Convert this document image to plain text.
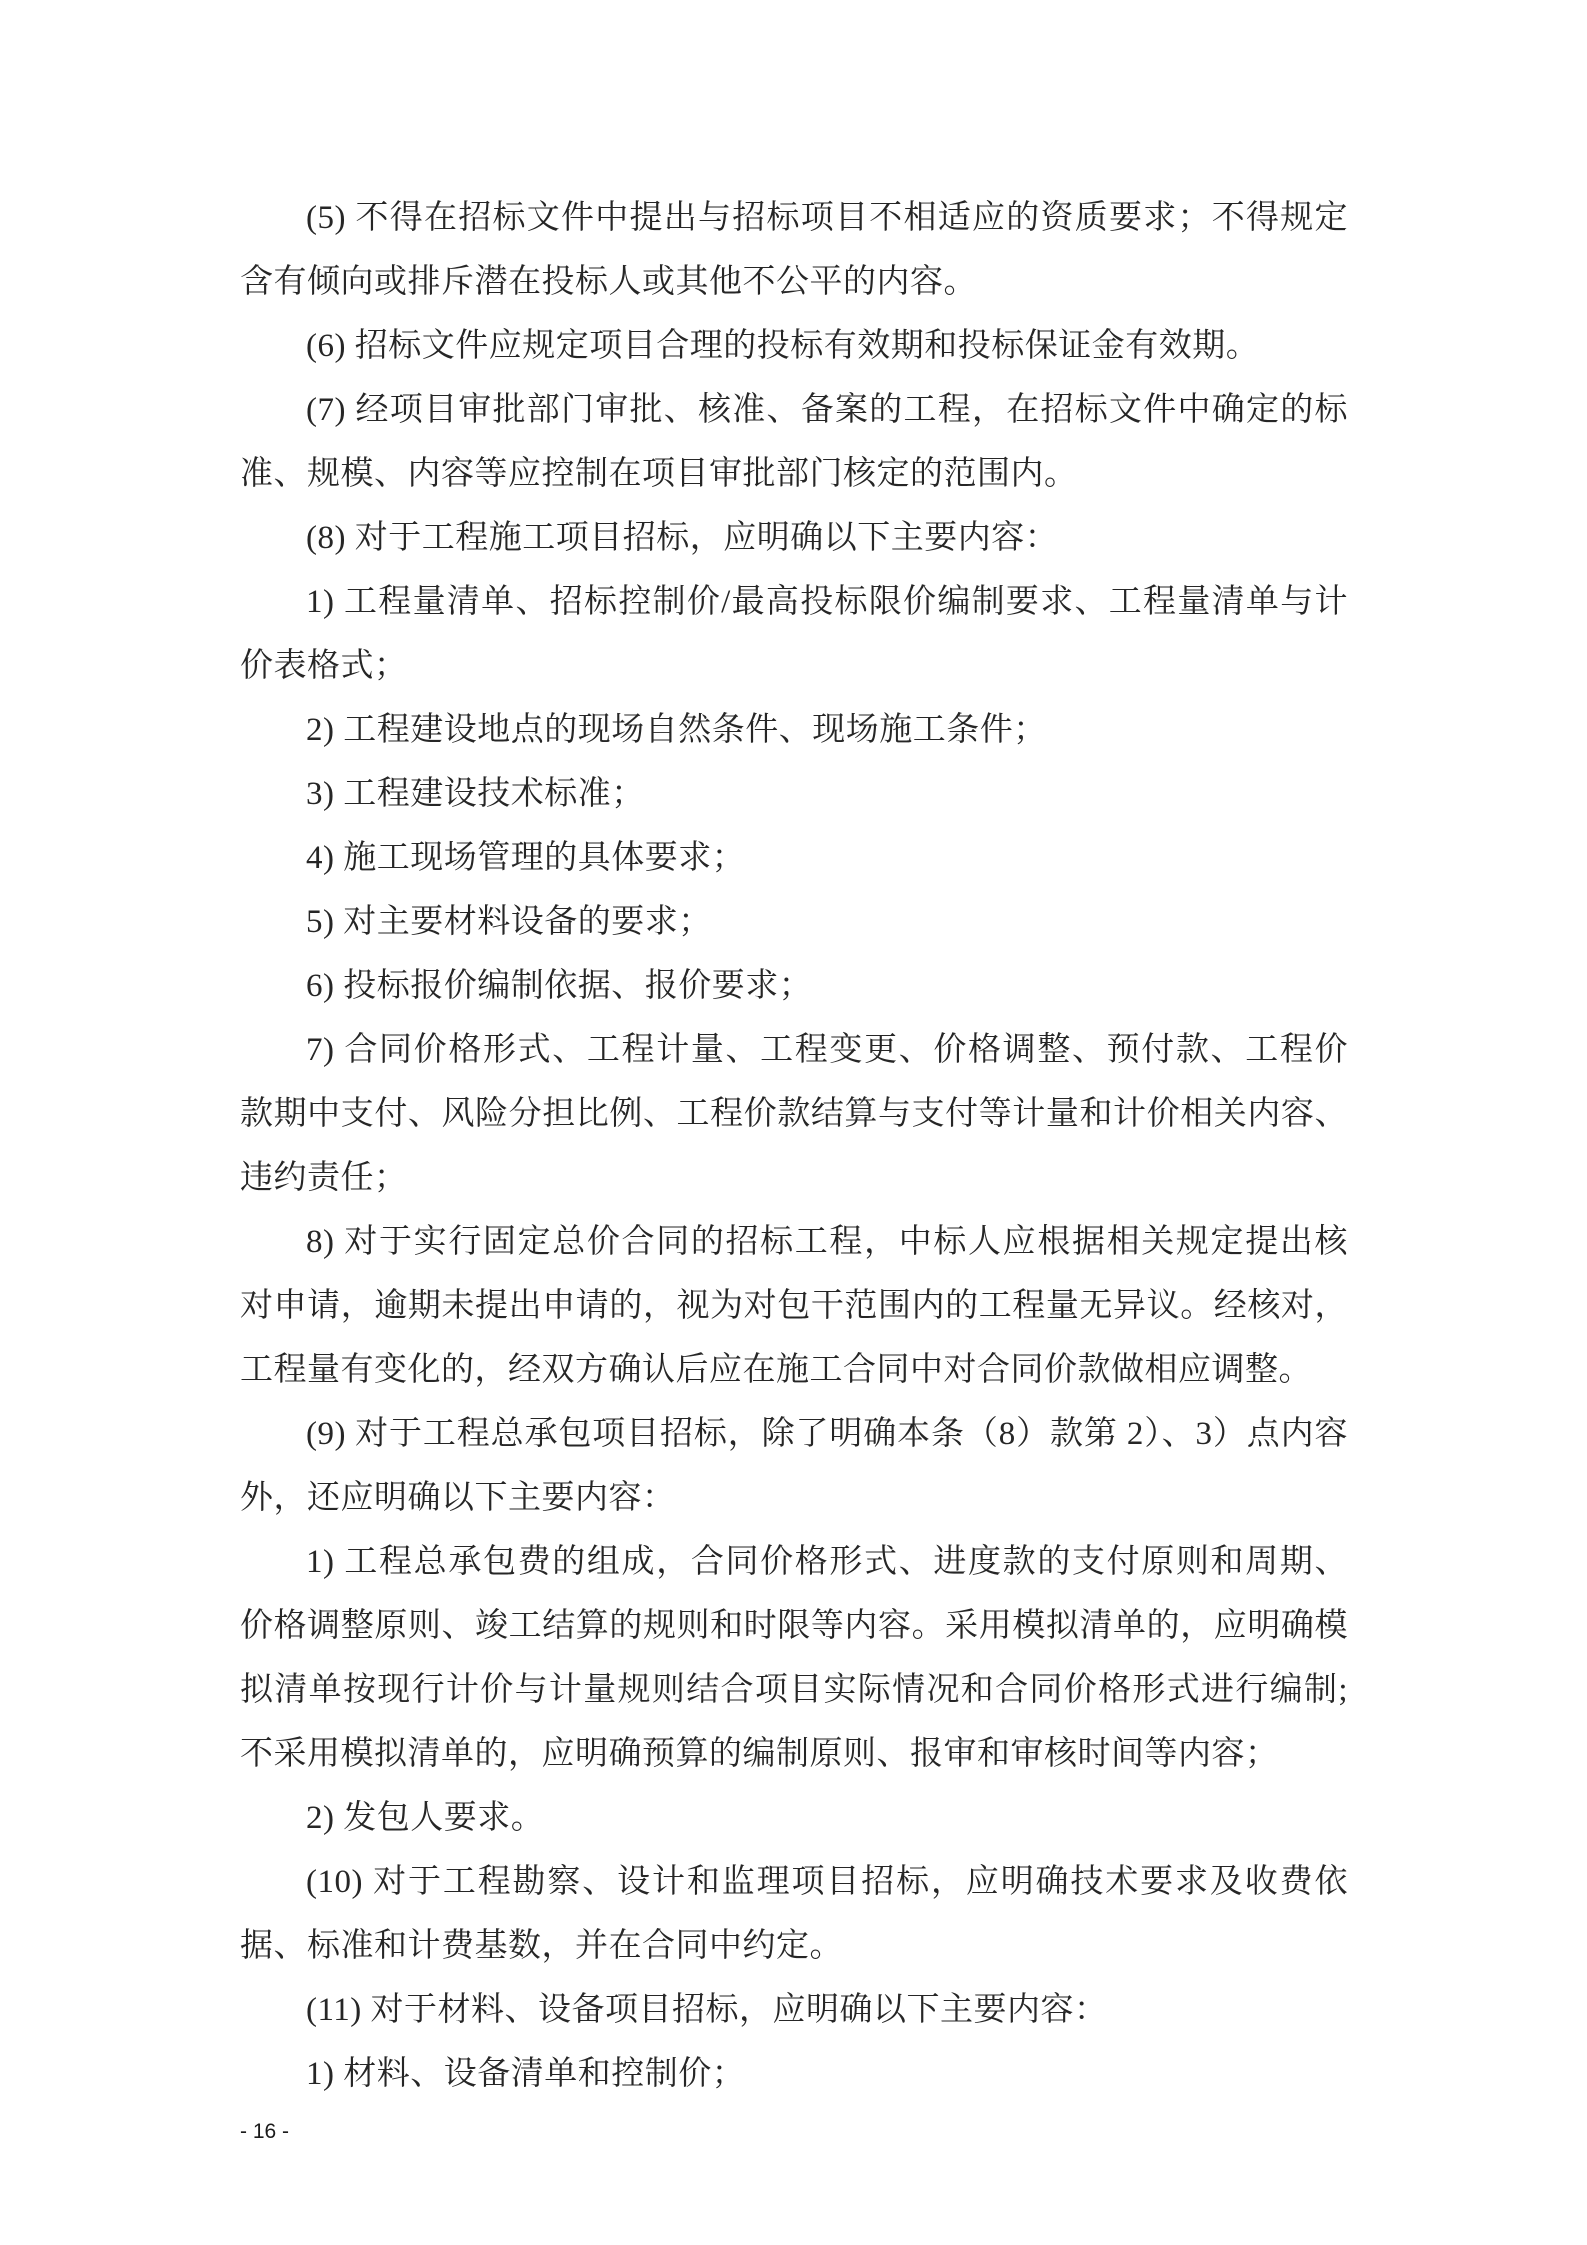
(5) 不得在招标文件中提出与招标项目不相适应的资质要求；不得规定含有倾向或排斥潜在投标人或其他不公平的内容。

(6) 招标文件应规定项目合理的投标有效期和投标保证金有效期。

(7) 经项目审批部门审批、核准、备案的工程，在招标文件中确定的标准、规模、内容等应控制在项目审批部门核定的范围内。

(8) 对于工程施工项目招标，应明确以下主要内容：

1) 工程量清单、招标控制价/最高投标限价编制要求、工程量清单与计价表格式；

2) 工程建设地点的现场自然条件、现场施工条件；

3) 工程建设技术标准；

4) 施工现场管理的具体要求；

5) 对主要材料设备的要求；

6) 投标报价编制依据、报价要求；

7) 合同价格形式、工程计量、工程变更、价格调整、预付款、工程价款期中支付、风险分担比例、工程价款结算与支付等计量和计价相关内容、违约责任；

8) 对于实行固定总价合同的招标工程，中标人应根据相关规定提出核对申请，逾期未提出申请的，视为对包干范围内的工程量无异议。经核对，工程量有变化的，经双方确认后应在施工合同中对合同价款做相应调整。

(9) 对于工程总承包项目招标，除了明确本条（8）款第 2）、3）点内容外，还应明确以下主要内容：

1) 工程总承包费的组成，合同价格形式、进度款的支付原则和周期、价格调整原则、竣工结算的规则和时限等内容。采用模拟清单的，应明确模拟清单按现行计价与计量规则结合项目实际情况和合同价格形式进行编制;不采用模拟清单的，应明确预算的编制原则、报审和审核时间等内容；

2) 发包人要求。

(10) 对于工程勘察、设计和监理项目招标，应明确技术要求及收费依据、标准和计费基数，并在合同中约定。

(11) 对于材料、设备项目招标，应明确以下主要内容：

1) 材料、设备清单和控制价；

- 16 -
